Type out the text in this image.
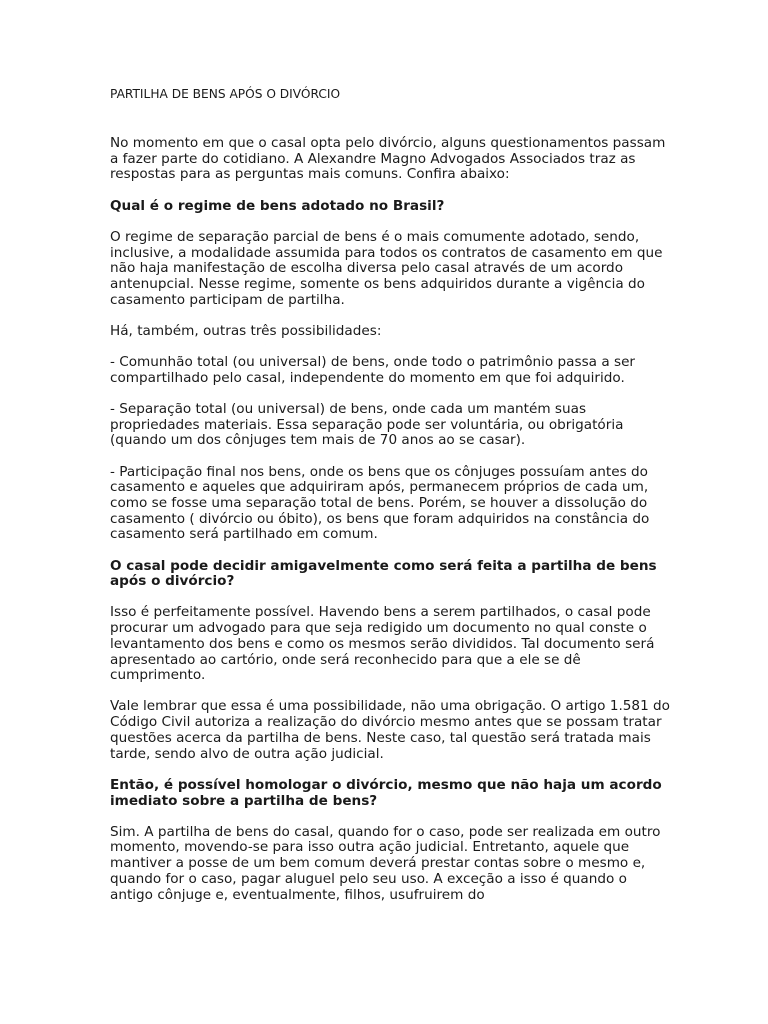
PARTILHA DE BENS APÓS O DIVÓRCIO

No momento em que o casal opta pelo divórcio, alguns questionamentos passam a fazer parte do cotidiano. A Alexandre Magno Advogados Associados traz as respostas para as perguntas mais comuns. Confira abaixo:

Qual é o regime de bens adotado no Brasil?

O regime de separação parcial de bens é o mais comumente adotado, sendo, inclusive, a modalidade assumida para todos os contratos de casamento em que não haja manifestação de escolha diversa pelo casal através de um acordo antenupcial. Nesse regime, somente os bens adquiridos durante a vigência do casamento participam de partilha.

Há, também, outras três possibilidades:

- Comunhão total (ou universal) de bens, onde todo o patrimônio passa a ser compartilhado pelo casal, independente do momento em que foi adquirido.

- Separação total (ou universal) de bens, onde cada um mantém suas propriedades materiais. Essa separação pode ser voluntária, ou obrigatória (quando um dos cônjuges tem mais de 70 anos ao se casar).

- Participação final nos bens, onde os bens que os cônjuges possuíam antes do casamento e aqueles que adquiriram após, permanecem próprios de cada um, como se fosse uma separação total de bens. Porém, se houver a dissolução do casamento ( divórcio ou óbito), os bens que foram adquiridos na constância do casamento será partilhado em comum.

O casal pode decidir amigavelmente como será feita a partilha de bens após o divórcio?

Isso é perfeitamente possível. Havendo bens a serem partilhados, o casal pode procurar um advogado para que seja redigido um documento no qual conste o levantamento dos bens e como os mesmos serão divididos. Tal documento será apresentado ao cartório, onde será reconhecido para que a ele se dê cumprimento.

Vale lembrar que essa é uma possibilidade, não uma obrigação. O artigo 1.581 do Código Civil autoriza a realização do divórcio mesmo antes que se possam tratar questões acerca da partilha de bens. Neste caso, tal questão será tratada mais tarde, sendo alvo de outra ação judicial.

Então, é possível homologar o divórcio, mesmo que não haja um acordo imediato sobre a partilha de bens?

Sim. A partilha de bens do casal, quando for o caso, pode ser realizada em outro momento, movendo-se para isso outra ação judicial. Entretanto, aquele que mantiver a posse de um bem comum deverá prestar contas sobre o mesmo e, quando for o caso, pagar aluguel pelo seu uso. A exceção a isso é quando o antigo cônjuge e, eventualmente, filhos, usufruirem do
